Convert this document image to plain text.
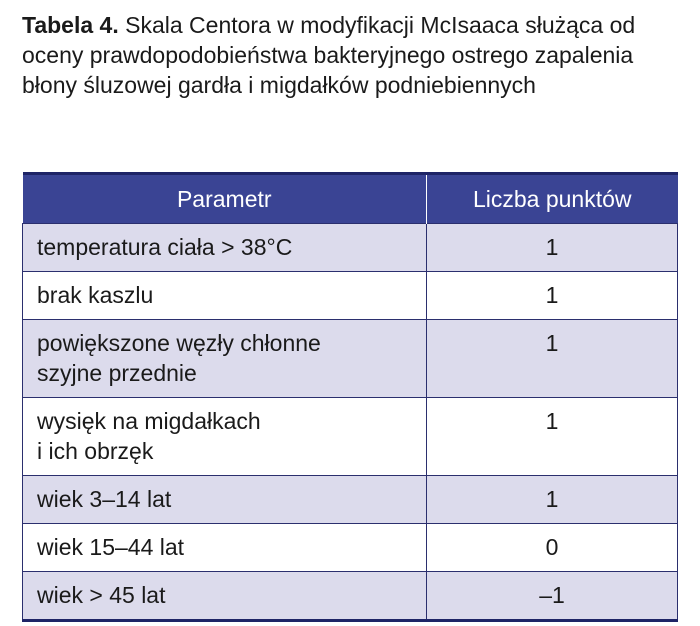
Tabela 4. Skala Centora w modyfikacji McIsaaca służąca od oceny prawdopodobieństwa bakteryjnego ostrego zapalenia błony śluzowej gardła i migdałków podniebiennych
Parametr	Liczba punktów
temperatura ciała > 38°C	1
brak kaszlu	1
powiększone węzły chłonne
szyjne przednie	1
wysięk na migdałkach
i ich obrzęk	1
wiek 3–14 lat	1
wiek 15–44 lat	0
wiek > 45 lat	–1
